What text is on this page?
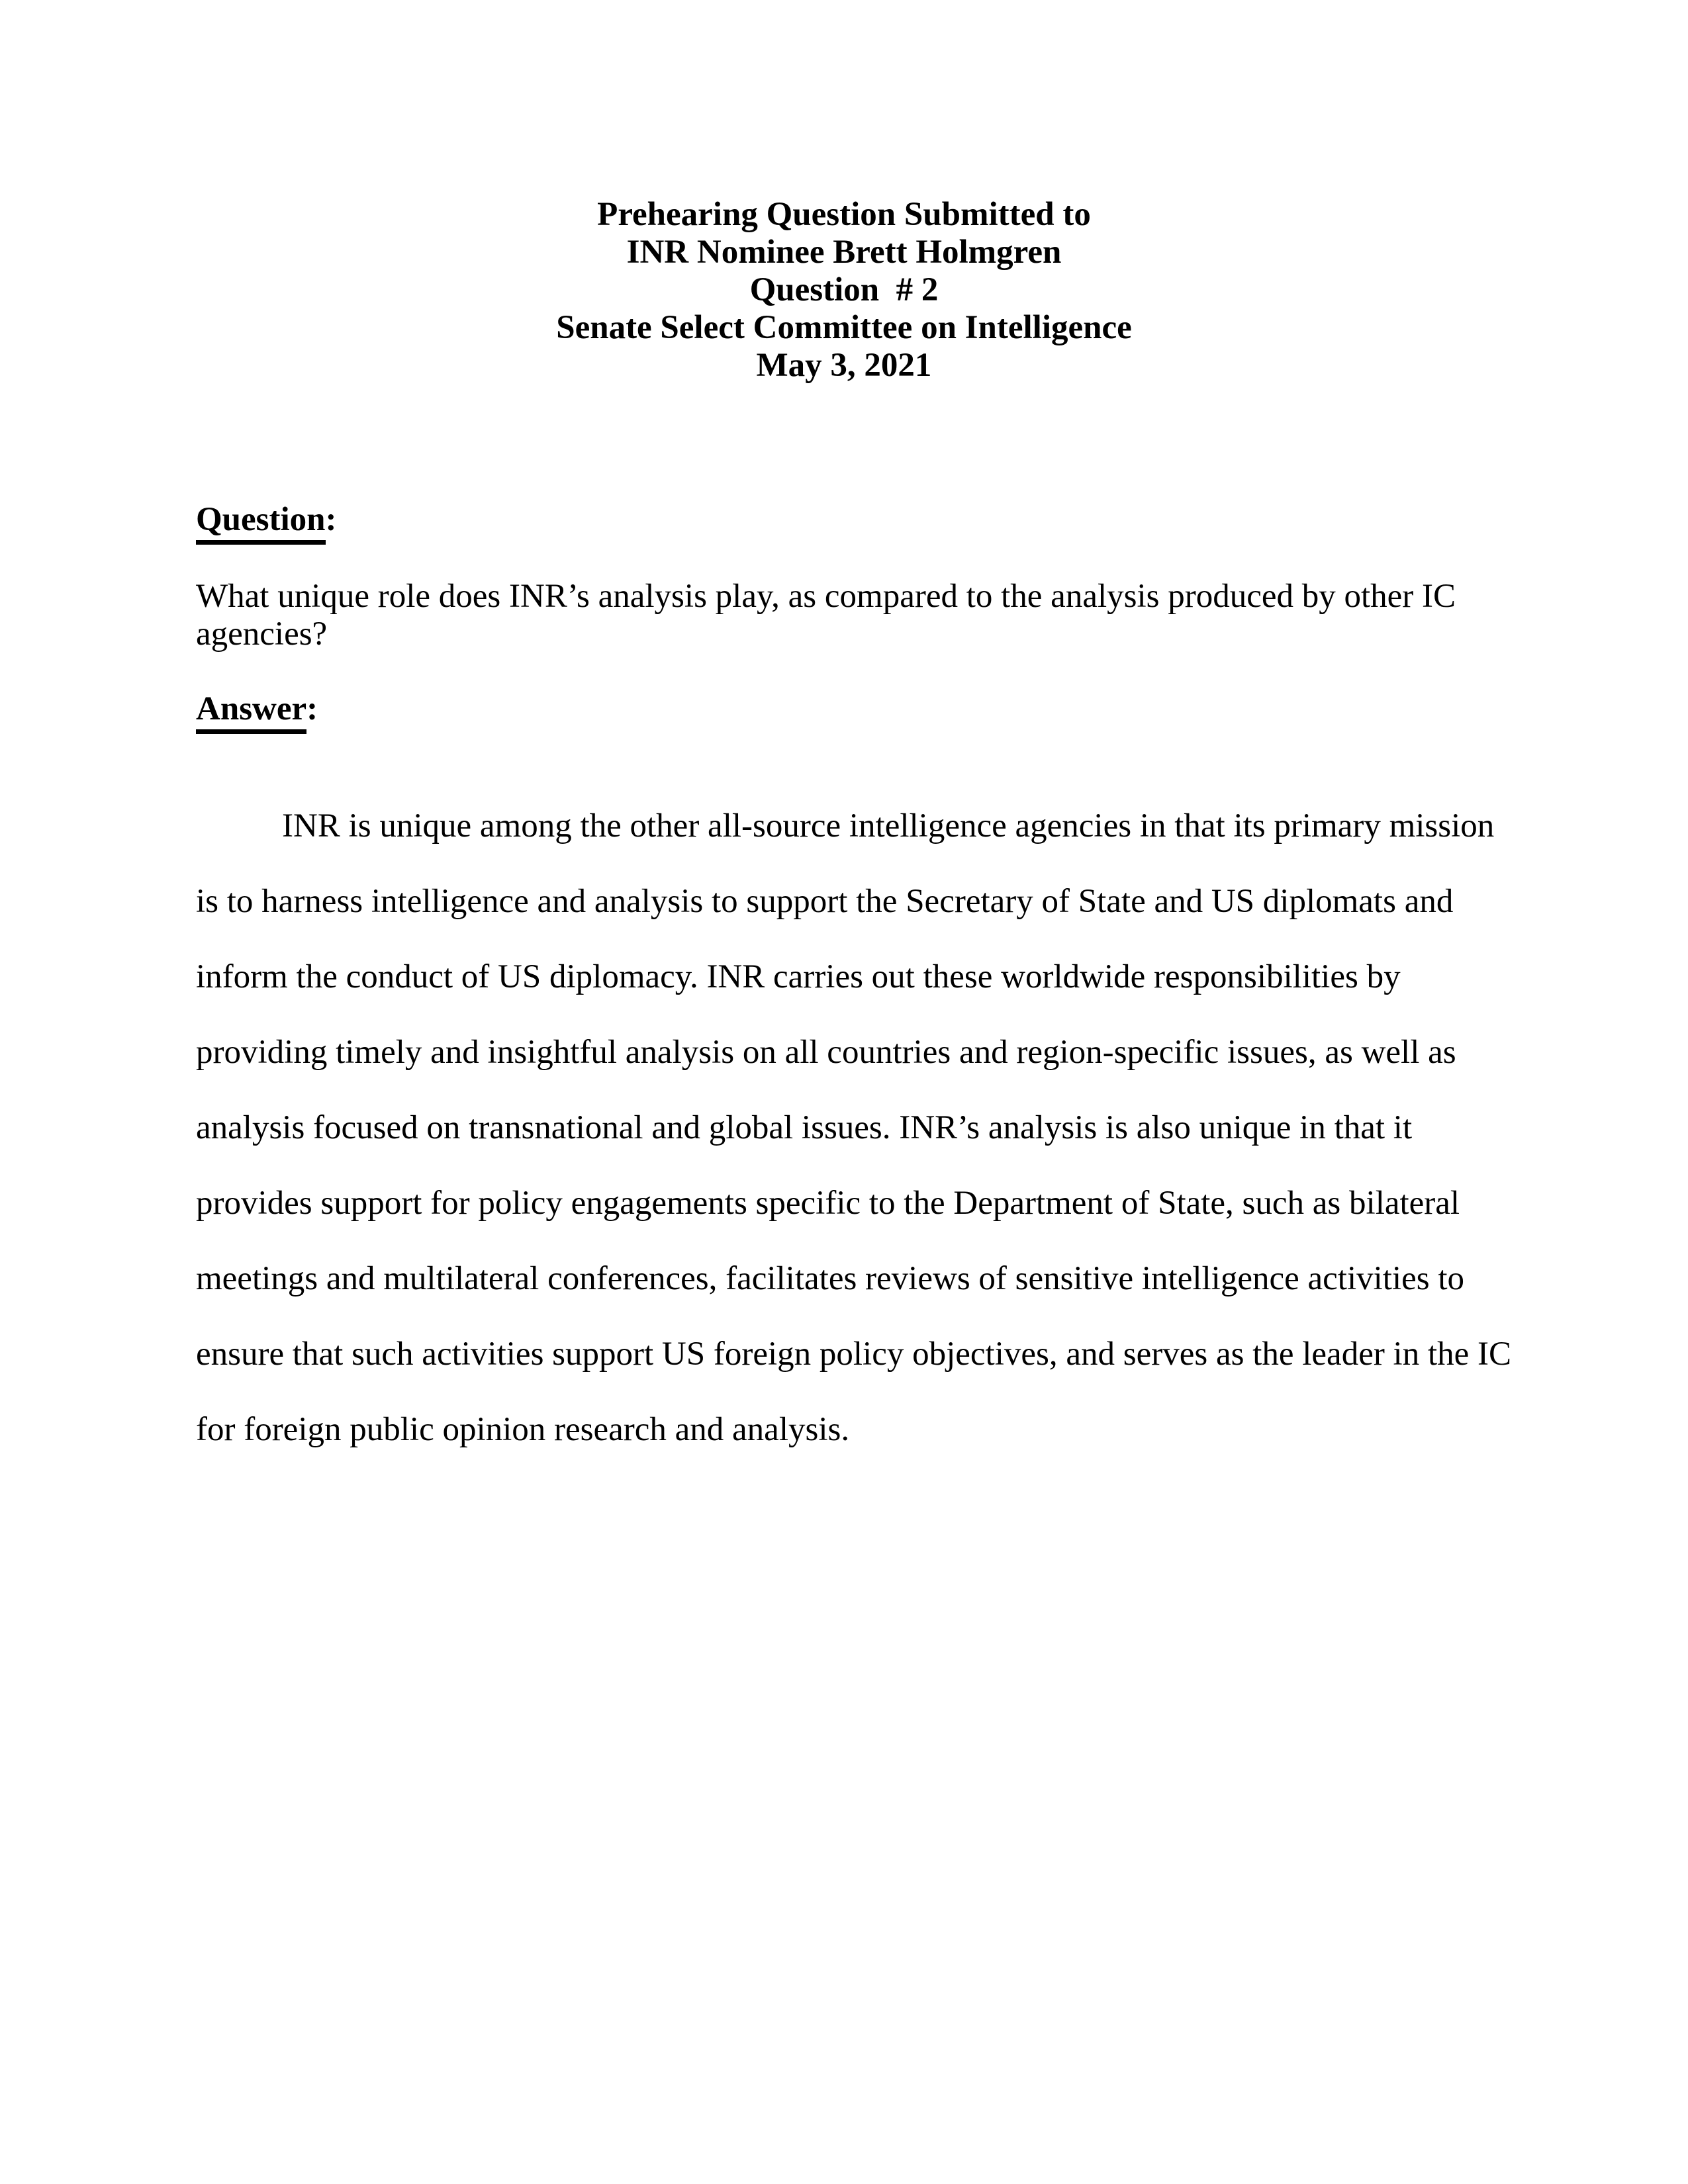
Prehearing Question Submitted to
INR Nominee Brett Holmgren
Question  # 2
Senate Select Committee on Intelligence
May 3, 2021
Question:
What unique role does INR’s analysis play, as compared to the analysis produced by other IC
agencies?
Answer:
INR is unique among the other all-source intelligence agencies in that its primary mission
is to harness intelligence and analysis to support the Secretary of State and US diplomats and
inform the conduct of US diplomacy. INR carries out these worldwide responsibilities by
providing timely and insightful analysis on all countries and region-specific issues, as well as
analysis focused on transnational and global issues. INR’s analysis is also unique in that it
provides support for policy engagements specific to the Department of State, such as bilateral
meetings and multilateral conferences, facilitates reviews of sensitive intelligence activities to
ensure that such activities support US foreign policy objectives, and serves as the leader in the IC
for foreign public opinion research and analysis.
